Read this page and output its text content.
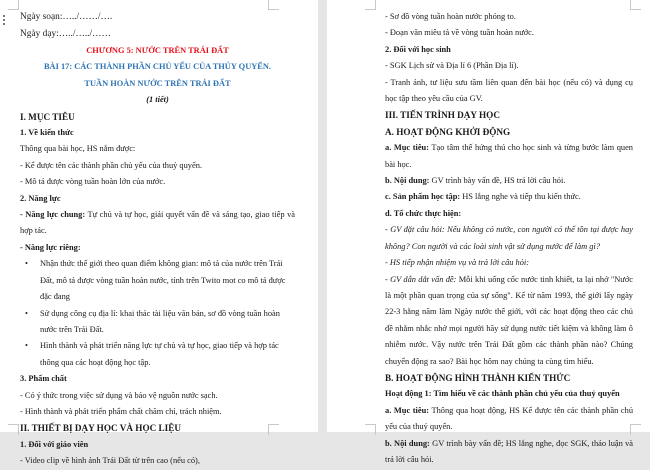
Ngày soạn:…../……/….
Ngày dạy:…../…../……
CHƯƠNG 5: NƯỚC TRÊN TRÁI ĐẤT
BÀI 17: CÁC THÀNH PHẦN CHỦ YẾU CỦA THỦY QUYỂN.
TUẦN HOÀN NƯỚC TRÊN TRÁI ĐẤT
(1 tiết)
I. MỤC TIÊU
1. Về kiến thức
Thông qua bài học, HS nắm được:
- Kể được tên các thành phần chủ yếu của thuỷ quyển.
- Mô tả được vòng tuần hoàn lớn của nước.
2. Năng lực
- Năng lực chung: Tự chủ và tự học, giải quyết vấn đề và sáng tạo, giao tiếp và hợp tác.
- Năng lực riêng:
• Nhận thức thế giới theo quan điểm không gian: mô tả của nước trên Trái Đất, mô tả được vòng tuần hoàn nước, tính trên Twito mot co mô tả được đặc đang
• Sử dụng công cụ địa lí: khai thác tài liệu văn bản, sơ đồ vòng tuần hoàn nước trên Trái Đất.
• Hình thành và phát triển năng lực tự chủ và tự học, giao tiếp và hợp tác thông qua các hoạt động học tập.
3. Phẩm chất
- Có ý thức trong việc sử dụng và bảo vệ nguồn nước sạch.
- Hình thành và phát triển phẩm chất chăm chỉ, trách nhiệm.
II. THIẾT BỊ DẠY HỌC VÀ HỌC LIỆU
1. Đối với giáo viên
- Video clip về hình ảnh Trái Đất từ trên cao (nếu có),
- Sơ đồ vòng tuần hoàn nước phóng to.
- Đoạn văn miêu tả về vòng tuần hoàn nước.
2. Đối với học sinh
- SGK Lịch sử và Địa lí 6 (Phần Địa lí).
- Tranh ảnh, tư liệu sưu tầm liên quan đến bài học (nếu có) và dụng cụ học tập theo yêu cầu của GV.
III. TIẾN TRÌNH DẠY HỌC
A. HOẠT ĐỘNG KHỞI ĐỘNG
a. Mục tiêu: Tạo tâm thế hứng thú cho học sinh và từng bước làm quen bài học.
b. Nội dung: GV trình bày vấn đề, HS trả lời câu hỏi.
c. Sản phẩm học tập: HS lắng nghe và tiếp thu kiến thức.
d. Tổ chức thực hiện:
- GV đặt câu hỏi: Nếu không có nước, con người có thể tồn tại được hay không? Con người và các loài sinh vật sử dụng nước để làm gì?
- HS tiếp nhận nhiệm vụ và trả lời câu hỏi:
- GV dẫn dắt vấn đề: Mỗi khi uống cốc nước tinh khiết, ta lại nhớ "Nước là một phần quan trọng của sự sống". Kể từ năm 1993, thế giới lấy ngày 22-3 hằng năm làm Ngày nước thế giới, với các hoạt động theo các chủ đề nhằm nhắc nhở mọi người hãy sử dụng nước tiết kiệm và không làm ô nhiễm nước. Vậy nước trên Trái Đất gồm các thành phần nào? Chúng chuyển động ra sao? Bài học hôm nay chúng ta cùng tìm hiểu.
B. HOẠT ĐỘNG HÌNH THÀNH KIẾN THỨC
Hoạt động 1: Tìm hiểu về các thành phần chủ yếu của thuỷ quyển
a. Mục tiêu: Thông qua hoạt động, HS Kể được tên các thành phần chủ yếu của thuỷ quyển.
b. Nội dung: GV trình bày vấn đề; HS lắng nghe, đọc SGK, thảo luận và trả lời câu hỏi.
